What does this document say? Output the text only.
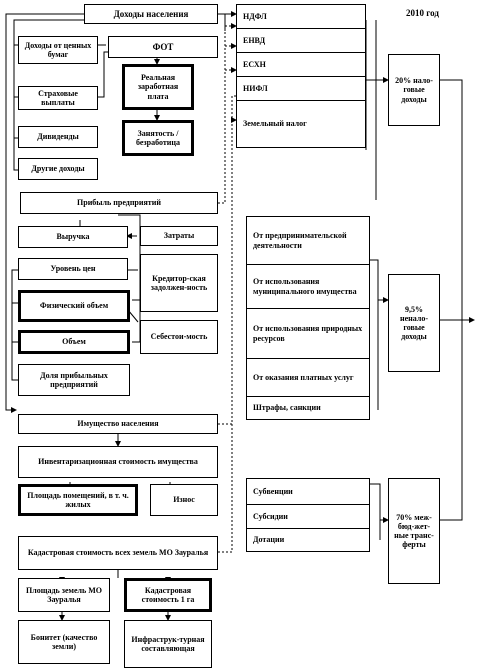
2010 год
Доходы населения
Доходы от ценных бумаг
Страховые выплаты
Дивиденды
Другие доходы
ФОТ
Реальная заработная плата
Занятость / безработица
Прибыль предприятий
Выручка	Затраты
Уровень цен
Кредитор-ская задолжен-ность
Физический объем
Объем
Себестои-мость
Доля прибыльных предприятий
Имущество населения
Инвентаризационная стоимость имущества
Площадь помещений, в т. ч. жилых
Износ
Кадастровая стоимость всех земель МО Зауралья
Площадь земель МО Зауралья
Кадастровая стоимость 1 га
Бонитет (качество земли)
Инфраструк-турная составляющая
НДФЛ
ЕНВД
ЕСХН
НИФЛ
Земельный налог
От предпринимательской деятельности
От использования муниципального имущества
От использования природных ресурсов
От оказания платных услуг
Штрафы, санкции
Субвенции
Субсидии
Дотации
20% нало-говые доходы
9,5% ненало-говые доходы
70% меж-бюд-жет-ные транс-ферты
